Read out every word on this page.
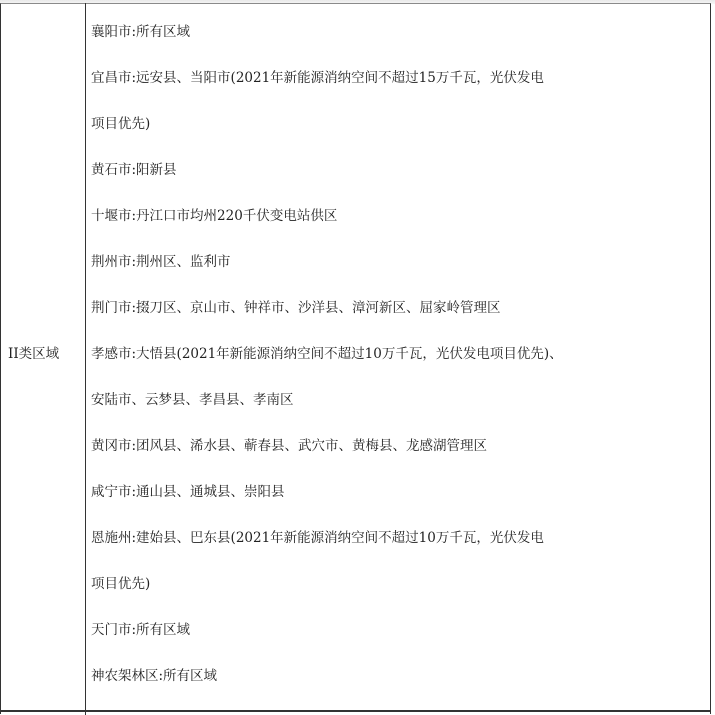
II类区域
襄阳市:所有区域
宜昌市:远安县、当阳市(2021年新能源消纳空间不超过15万千瓦，光伏发电
项目优先)
黄石市:阳新县
十堰市:丹江口市均州220千伏变电站供区
荆州市:荆州区、监利市
荆门市:掇刀区、京山市、钟祥市、沙洋县、漳河新区、屈家岭管理区
孝感市:大悟县(2021年新能源消纳空间不超过10万千瓦，光伏发电项目优先)、
安陆市、云梦县、孝昌县、孝南区
黄冈市:团风县、浠水县、蕲春县、武穴市、黄梅县、龙感湖管理区
咸宁市:通山县、通城县、崇阳县
恩施州:建始县、巴东县(2021年新能源消纳空间不超过10万千瓦，光伏发电
项目优先)
天门市:所有区域
神农架林区:所有区域
